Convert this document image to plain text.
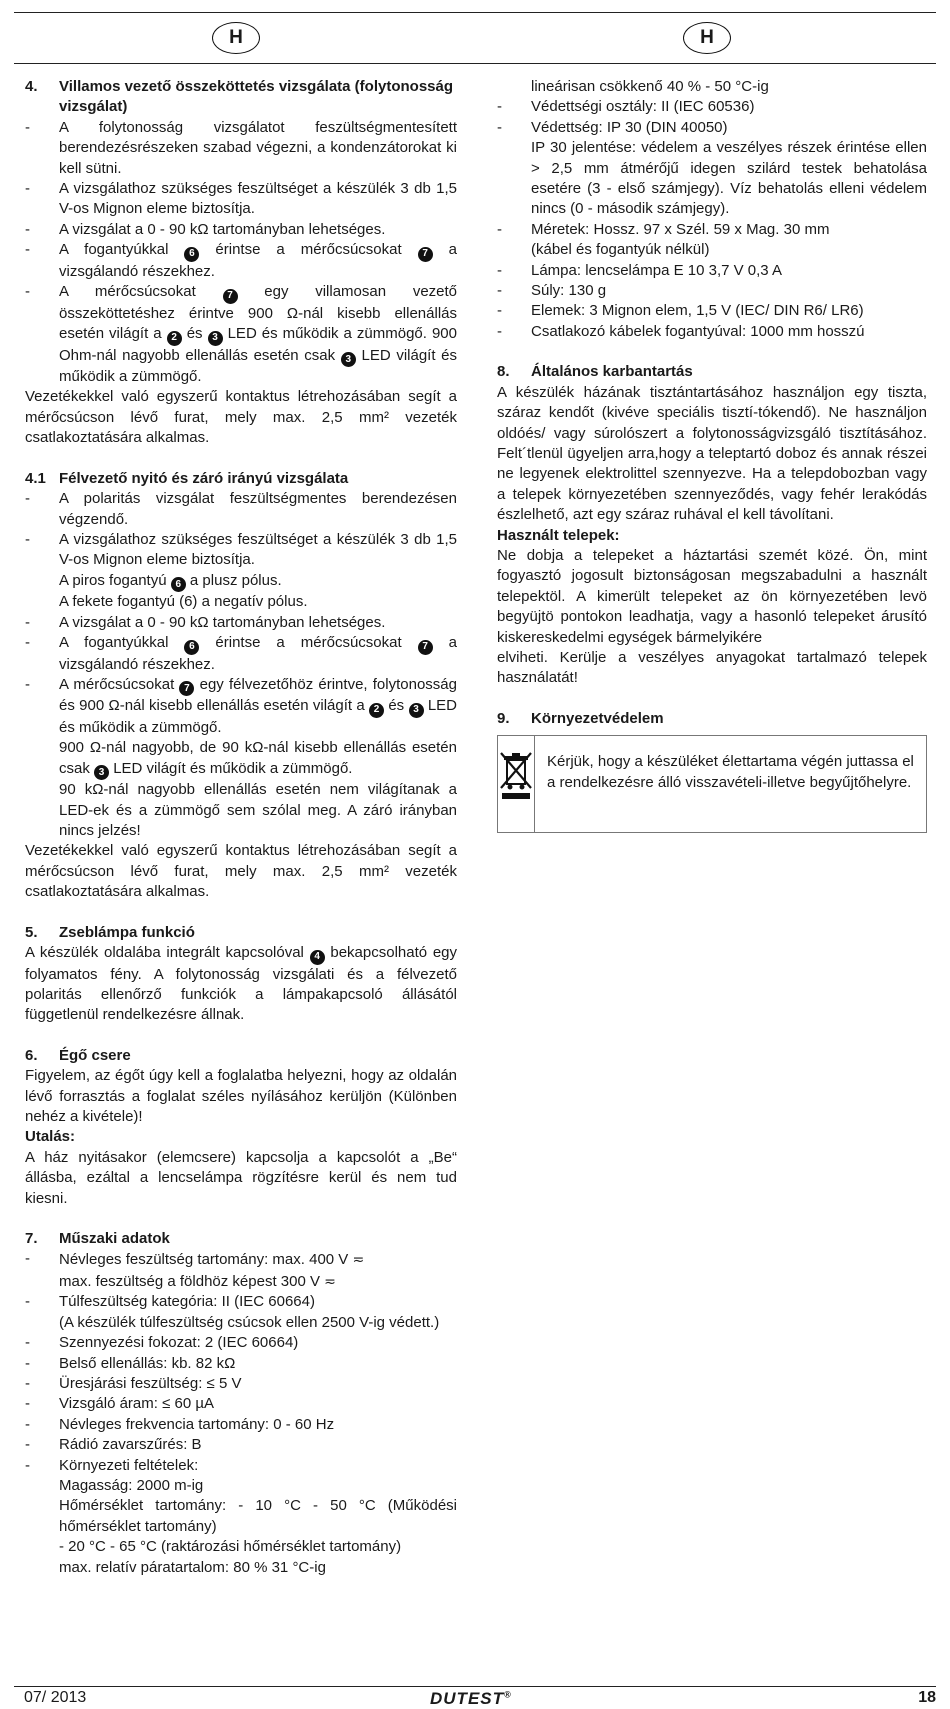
H	H
4. Villamos vezető összeköttetés vizsgálata (folytonosság vizsgálat)
- A folytonosság vizsgálatot feszültségmentesített berendezésrészeken szabad végezni, a kondenzátorokat ki kell sütni.
- A vizsgálathoz szükséges feszültséget a készülék 3 db 1,5 V-os Mignon eleme biztosítja.
- A vizsgálat a 0 - 90 kΩ tartományban lehetséges.
- A fogantyúkkal 6 érintse a mérőcsúcsokat 7 a vizsgálandó részekhez.
- A mérőcsúcsokat	7 egy villamosan vezető összeköttetéshez érintve 900 Ω-nál kisebb ellenállás esetén világít a 2 és 3 LED és működik a zümmögő. 900 Ohm-nál nagyobb ellenállás esetén csak 3 LED világít és működik a zümmögő.
Vezetékekkel való egyszerű kontaktus létrehozásában segít a mérőcsúcson lévő furat, mely max. 2,5 mm² vezeték csatlakoztatására alkalmas.
4.1 Félvezető nyitó és záró irányú vizsgálata
- A polaritás vizsgálat feszültségmentes berendezésen végzendő.
- A vizsgálathoz szükséges feszültséget a készülék 3 db 1,5 V-os Mignon eleme biztosítja.
A piros fogantyú 6 a plusz pólus.
A fekete fogantyú (6) a negatív pólus.
- A vizsgálat a 0 - 90 kΩ tartományban lehetséges.
- A fogantyúkkal 6 érintse a mérőcsúcsokat 7 a vizsgálandó részekhez.
- A mérőcsúcsokat 7 egy félvezetőhöz érintve, folytonosság és 900 Ω-nál kisebb ellenállás esetén világít a 2 és 3 LED és működik a zümmögő.
900 Ω-nál nagyobb, de 90 kΩ-nál kisebb ellenállás esetén csak 3 LED világít és működik a zümmögő.
90 kΩ-nál nagyobb ellenállás esetén nem világítanak a LED-ek és a zümmögő sem szólal meg. A záró irányban nincs jelzés!
Vezetékekkel való egyszerű kontaktus létrehozásában segít a mérőcsúcson lévő furat, mely max. 2,5 mm² vezeték csatlakoztatására alkalmas.
5. Zseblámpa funkció
A készülék oldalába integrált kapcsolóval 4 bekapcsolható egy folyamatos fény. A folytonosság vizsgálati és a félvezető polaritás ellenőrző funkciók a lámpakapcsoló állásától függetlenül rendelkezésre állnak.
6. Égő csere
Figyelem, az égőt úgy kell a foglalatba helyezni, hogy az oldalán lévő forrasztás a foglalat széles nyílásához kerüljön (Különben nehéz a kivétele)!
Utalás:
A ház nyitásakor (elemcsere) kapcsolja a kapcsolót a „Be“ állásba, ezáltal a lencselámpa rögzítésre kerül és nem tud kiesni.
7. Műszaki adatok
- Névleges feszültség tartomány: max. 400 V ≂
max. feszültség a földhöz képest 300 V ≂
- Túlfeszültség kategória: II (IEC 60664)
(A készülék túlfeszültség csúcsok ellen 2500 V-ig védett.)
- Szennyezési fokozat: 2 (IEC 60664)
- Belső ellenállás: kb. 82 kΩ
- Üresjárási feszültség: ≤ 5 V
- Vizsgáló áram: ≤ 60 µA
- Névleges frekvencia tartomány: 0 - 60 Hz
- Rádió zavarszűrés: B
- Környezeti feltételek:
Magasság: 2000 m-ig
Hőmérséklet tartomány: - 10 °C - 50 °C (Működési hőmérséklet tartomány)
- 20 °C - 65 °C (raktározási hőmérséklet tartomány)
max. relatív páratartalom: 80 % 31 °C-ig
lineárisan csökkenő 40 % - 50 °C-ig
- Védettségi osztály: II (IEC 60536)
- Védettség: IP 30 (DIN 40050)
IP 30 jelentése: védelem a veszélyes részek érintése ellen > 2,5 mm átmérőjű idegen szilárd testek behatolása esetére (3 - első számjegy). Víz behatolás elleni védelem nincs (0 - második számjegy).
- Méretek: Hossz. 97 x Szél. 59 x Mag. 30 mm
(kábel és fogantyúk nélkül)
- Lámpa: lencselámpa E 10 3,7 V 0,3 A
- Súly: 130 g
- Elemek: 3 Mignon elem, 1,5 V (IEC/ DIN R6/ LR6)
- Csatlakozó kábelek fogantyúval: 1000 mm hosszú
8. Általános karbantartás
A készülék házának tisztántartásához használjon egy tiszta, száraz kendőt (kivéve speciális tisztí-tókendő). Ne használjon oldóés/ vagy súrolószert a folytonosságvizsgáló tisztításához. Felt´tlenül ügyeljen arra,hogy a teleptartó doboz és annak részei ne legyenek elektrolittel szennyezve. Ha a telepdobozban vagy a telepek környezetében szennyeződés, vagy fehér lerakódás észlelhető, azt egy száraz ruhával el kell távolítani.
Használt telepek:
Ne dobja a telepeket a háztartási szemét közé. Ön, mint fogyasztó jogosult biztonságosan megszabadulni a használt telepektöl. A kimerült telepeket az ön környezetében levö begyüjtö pontokon leadhatja, vagy a hasonló telepeket árusító kiskereskedelmi egységek bármelyikére
elviheti. Kerülje a veszélyes anyagokat tartalmazó telepek használatát!
9. Környezetvédelem
Kérjük, hogy a készüléket élettartama végén juttassa el a rendelkezésre álló visszavételi-illetve begyűjtőhelyre.
07/ 2013	DUTEST®	18
